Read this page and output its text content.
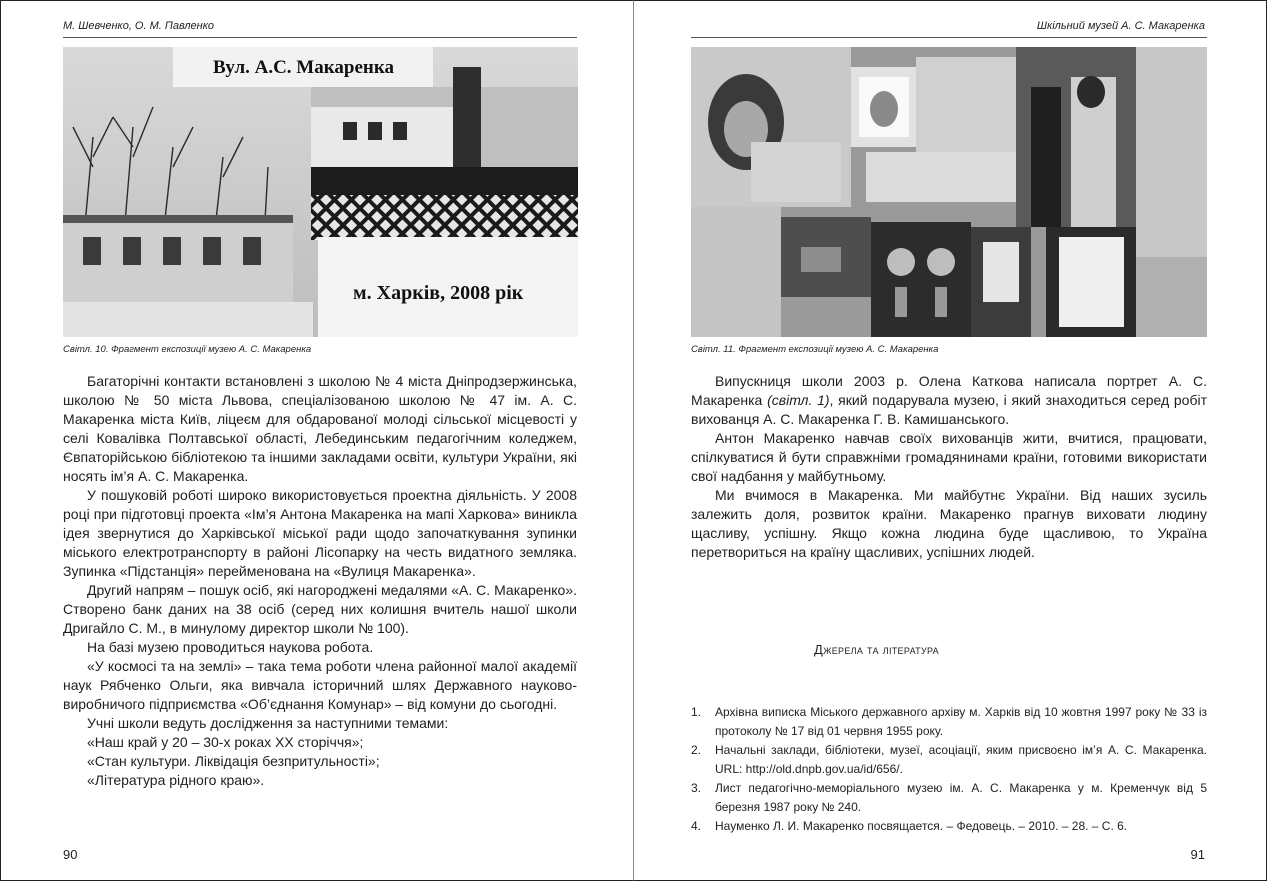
М. Шевченко, О. М. Павленко
Вул. А.С. Макаренка
м. Харків, 2008 рік
Світл. 10. Фрагмент експозиції музею А. С. Макаренка

Багаторічні контакти встановлені з школою № 4 міста Дніпродзержинська, школою № 50 міста Львова, спеціалізованою школою № 47 ім. А. С. Макаренка міста Київ, ліцеєм для обдарованої молоді сільської місцевості у селі Ковалівка Полтавської області, Лебединським педагогічним коледжем, Євпаторійською бібліотекою та іншими закладами освіти, культури України, які носять ім’я А. С. Макаренка.

У пошуковій роботі широко використовується проектна діяльність. У 2008 році при підготовці проекта «Ім’я Антона Макаренка на мапі Харкова» виникла ідея звернутися до Харківської міської ради щодо започаткування зупинки міського електротранспорту в районі Лісопарку на честь видатного земляка. Зупинка «Підстанція» перейменована на «Вулиця Макаренка».

Другий напрям – пошук осіб, які нагороджені медалями «А. С. Макаренко». Створено банк даних на 38 осіб (серед них колишня вчитель нашої школи Дригайло С. М., в минулому директор школи № 100).

На базі музею проводиться наукова робота.

«У космосі та на землі» – така тема роботи члена районної малої академії наук Рябченко Ольги, яка вивчала історичний шлях Державного науково-виробничого підприємства «Об’єднання Комунар» – від комуни до сьогодні.

Учні школи ведуть дослідження за наступними темами:

«Наш край у 20 – 30-х роках XX сторіччя»;

«Стан культури. Ліквідація безпритульності»;

«Література рідного краю».

90
Шкільний музей А. С. Макаренка
Світл. 11. Фрагмент експозиції музею А. С. Макаренка

Випускниця школи 2003 р. Олена Каткова написала портрет А. С. Макаренка (світл. 1), який подарувала музею, і який знаходиться серед робіт вихованця А. С. Макаренка Г. В. Камишанського.

Антон Макаренко навчав своїх вихованців жити, вчитися, працювати, спілкуватися й бути справжніми громадянинами країни, готовими використати свої надбання у майбутньому.

Ми вчимося в Макаренка. Ми майбутнє України. Від наших зусиль залежить доля, розвиток країни. Макаренко прагнув виховати людину щасливу, успішну. Якщо кожна людина буде щасливою, то Україна перетвориться на країну щасливих, успішних людей.

Джерела та література
1. Архівна виписка Міського державного архіву м. Харків від 10 жовтня 1997 року № 33 із протоколу № 17 від 01 червня 1955 року.
2. Начальні заклади, бібліотеки, музеї, асоціації, яким присвоєно ім’я А. С. Макаренка. URL: http://old.dnpb.gov.ua/id/656/.
3. Лист педагогічно-меморіального музею ім. А. С. Макаренка у м. Кременчук від 5 березня 1987 року № 240.
4. Науменко Л. И. Макаренко посвящается. – Федовець. – 2010. – 28. – С. 6.
91
